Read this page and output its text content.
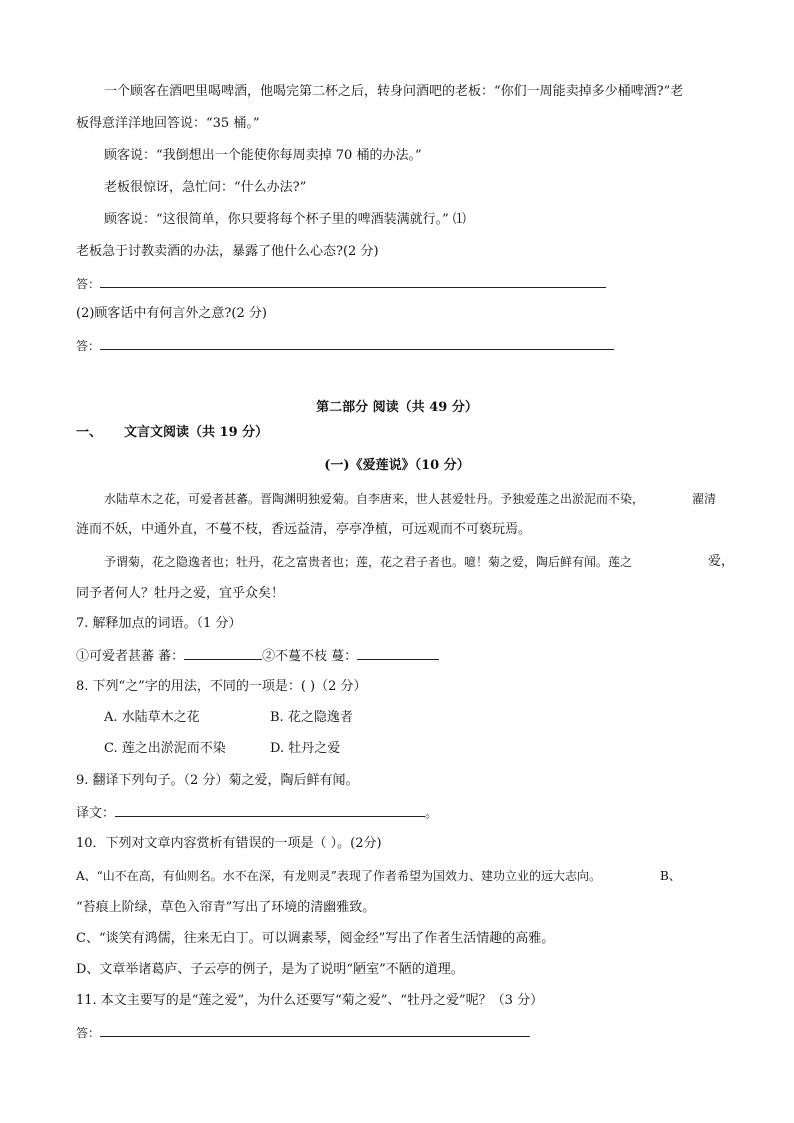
一个顾客在酒吧里喝啤酒，他喝完第二杯之后，转身问酒吧的老板：“你们一周能卖掉多少桶啤酒?”老
板得意洋洋地回答说：“35 桶。”
顾客说：“我倒想出一个能使你每周卖掉 70 桶的办法。”
老板很惊讶，急忙问：“什么办法?”
顾客说：“这很简单，你只要将每个杯子里的啤酒装满就行。” ⑴
老板急于讨教卖酒的办法，暴露了他什么心态?(2 分)
答：
(2)顾客话中有何言外之意?(2 分)
答：
第二部分 阅读（共 49 分）
一、 文言文阅读（共 19 分）
(一)《爱莲说》（10 分）
水陆草木之花，可爱者甚蕃。晋陶渊明独爱菊。自李唐来，世人甚爱牡丹。予独爱莲之出淤泥而不染，	濯清
涟而不妖，中通外直，不蔓不枝，香远益清，亭亭净植，可远观而不可亵玩焉。
予谓菊，花之隐逸者也；牡丹，花之富贵者也；莲，花之君子者也。噫！菊之爱，陶后鲜有闻。莲之	爱，
同予者何人？牡丹之爱，宜乎众矣！
7. 解释加点的词语。（1 分）
①可爱者甚蕃 蕃：	②不蔓不枝 蔓：
8. 下列“之”字的用法，不同的一项是：( )（2 分）
A. 水陆草木之花	B. 花之隐逸者
C. 莲之出淤泥而不染	D. 牡丹之爱
9. 翻译下列句子。（2 分）菊之爱，陶后鲜有闻。
译文：	。
10．下列对文章内容赏析有错误的一项是（ ）。(2分)
A、“山不在高，有仙则名。水不在深，有龙则灵”表现了作者希望为国效力、建功立业的远大志向。	B、
“苔痕上阶绿，草色入帘青”写出了环境的清幽雅致。
C、“谈笑有鸿儒，往来无白丁。可以调素琴，阅金经”写出了作者生活情趣的高雅。
D、文章举诸葛庐、子云亭的例子，是为了说明“陋室”不陋的道理。
11. 本文主要写的是“莲之爱”，为什么还要写“菊之爱”、“牡丹之爱”呢？（3 分）
答：
